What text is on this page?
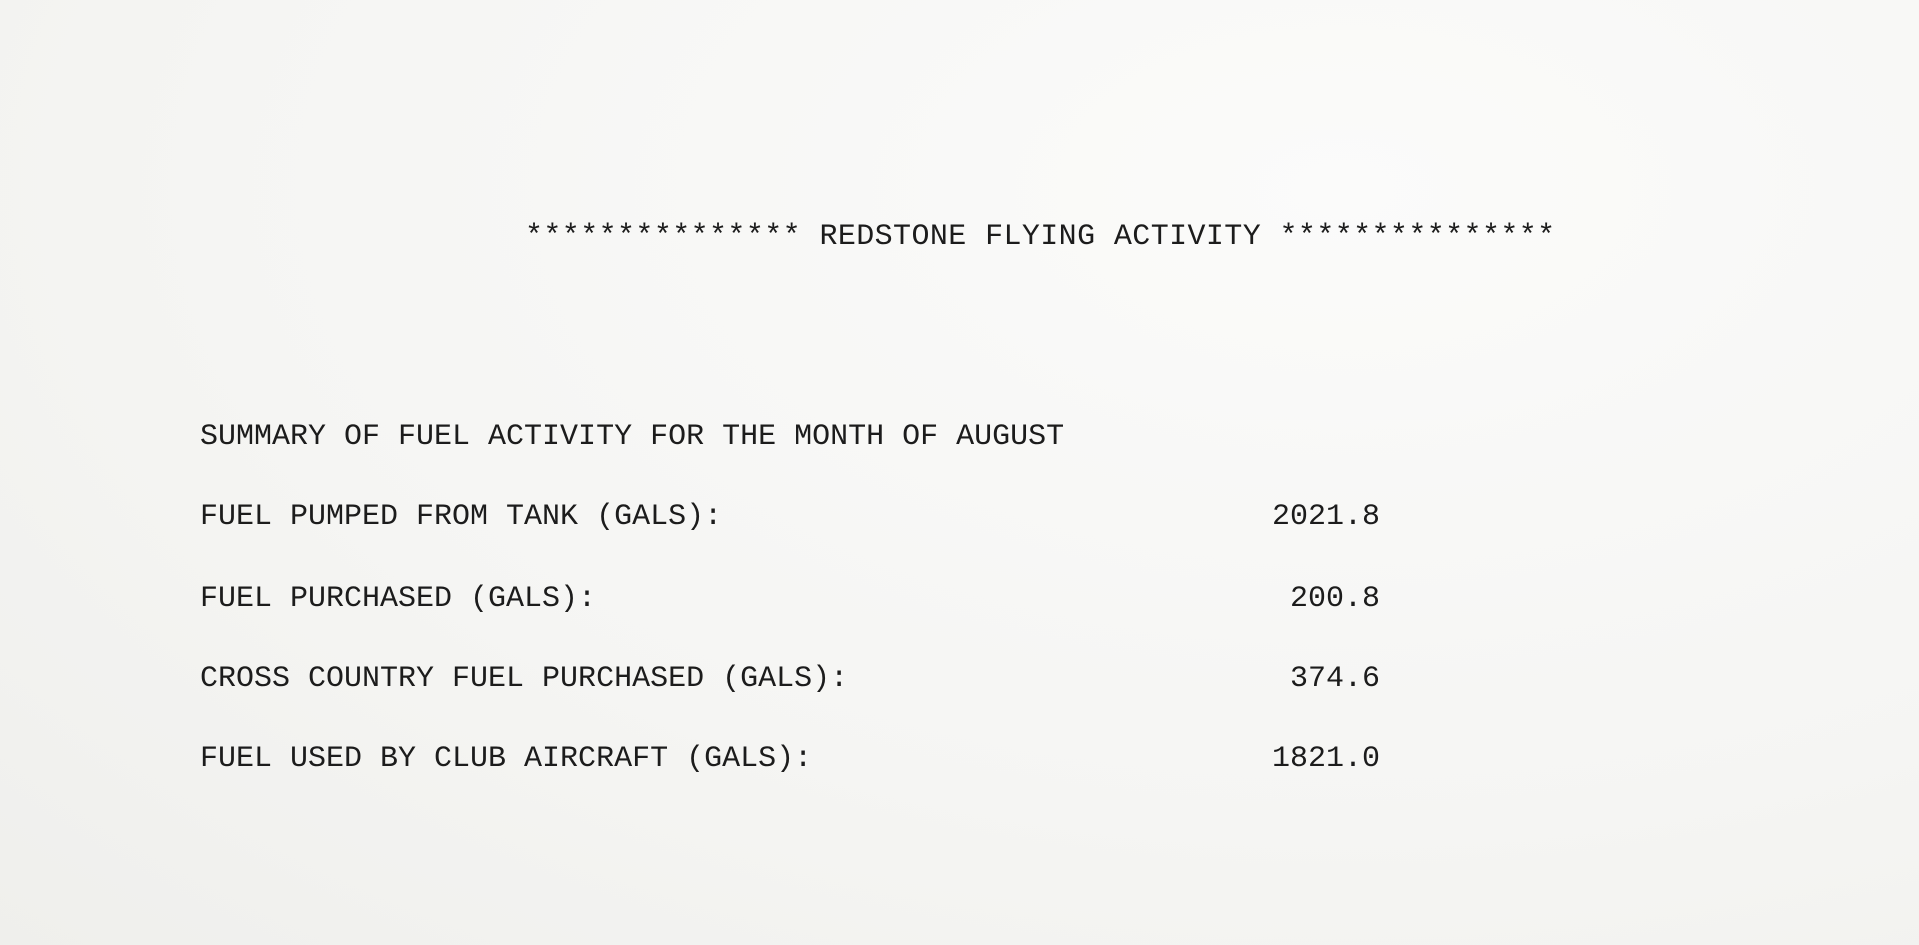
*************** REDSTONE FLYING ACTIVITY ***************
SUMMARY OF FUEL ACTIVITY FOR THE MONTH OF AUGUST

FUEL PUMPED FROM TANK (GALS):

	2021.8

FUEL PURCHASED (GALS):

	200.8

CROSS COUNTRY FUEL PURCHASED (GALS):

	374.6

FUEL USED BY CLUB AIRCRAFT (GALS):

	1821.0
